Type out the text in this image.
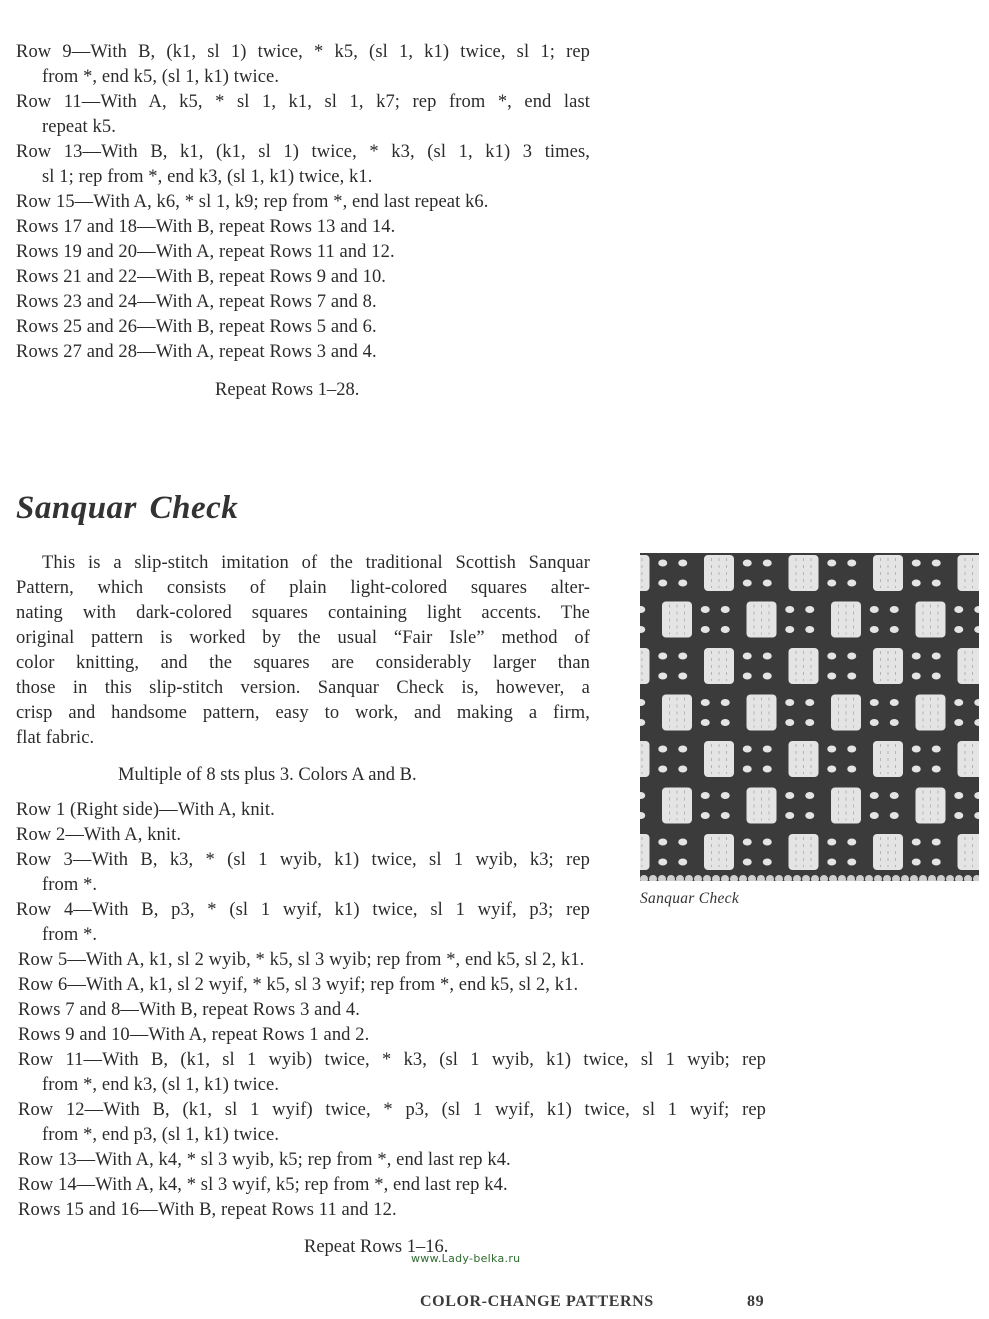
Row 9—With B, (k1, sl 1) twice, * k5, (sl 1, k1) twice, sl 1; rep
from *, end k5, (sl 1, k1) twice.
Row 11—With A, k5, * sl 1, k1, sl 1, k7; rep from *, end last
repeat k5.
Row 13—With B, k1, (k1, sl 1) twice, * k3, (sl 1, k1) 3 times,
sl 1; rep from *, end k3, (sl 1, k1) twice, k1.
Row 15—With A, k6, * sl 1, k9; rep from *, end last repeat k6.
Rows 17 and 18—With B, repeat Rows 13 and 14.
Rows 19 and 20—With A, repeat Rows 11 and 12.
Rows 21 and 22—With B, repeat Rows 9 and 10.
Rows 23 and 24—With A, repeat Rows 7 and 8.
Rows 25 and 26—With B, repeat Rows 5 and 6.
Rows 27 and 28—With A, repeat Rows 3 and 4.
Repeat Rows 1–28.
Sanquar Check
This is a slip-stitch imitation of the traditional Scottish Sanquar
Pattern, which consists of plain light-colored squares alter-
nating with dark-colored squares containing light accents. The
original pattern is worked by the usual “Fair Isle” method of
color knitting, and the squares are considerably larger than
those in this slip-stitch version. Sanquar Check is, however, a
crisp and handsome pattern, easy to work, and making a firm,
flat fabric.
Multiple of 8 sts plus 3. Colors A and B.
Row 1 (Right side)—With A, knit.
Row 2—With A, knit.
Row 3—With B, k3, * (sl 1 wyib, k1) twice, sl 1 wyib, k3; rep
from *.
Row 4—With B, p3, * (sl 1 wyif, k1) twice, sl 1 wyif, p3; rep
from *.
Row 5—With A, k1, sl 2 wyib, * k5, sl 3 wyib; rep from *, end k5, sl 2, k1.
Row 6—With A, k1, sl 2 wyif, * k5, sl 3 wyif; rep from *, end k5, sl 2, k1.
Rows 7 and 8—With B, repeat Rows 3 and 4.
Rows 9 and 10—With A, repeat Rows 1 and 2.
Row 11—With B, (k1, sl 1 wyib) twice, * k3, (sl 1 wyib, k1) twice, sl 1 wyib; rep
from *, end k3, (sl 1, k1) twice.
Row 12—With B, (k1, sl 1 wyif) twice, * p3, (sl 1 wyif, k1) twice, sl 1 wyif; rep
from *, end p3, (sl 1, k1) twice.
Row 13—With A, k4, * sl 3 wyib, k5; rep from *, end last rep k4.
Row 14—With A, k4, * sl 3 wyif, k5; rep from *, end last rep k4.
Rows 15 and 16—With B, repeat Rows 11 and 12.
Repeat Rows 1–16.
Sanquar Check
www.Lady-belka.ru
COLOR-CHANGE PATTERNS	89
